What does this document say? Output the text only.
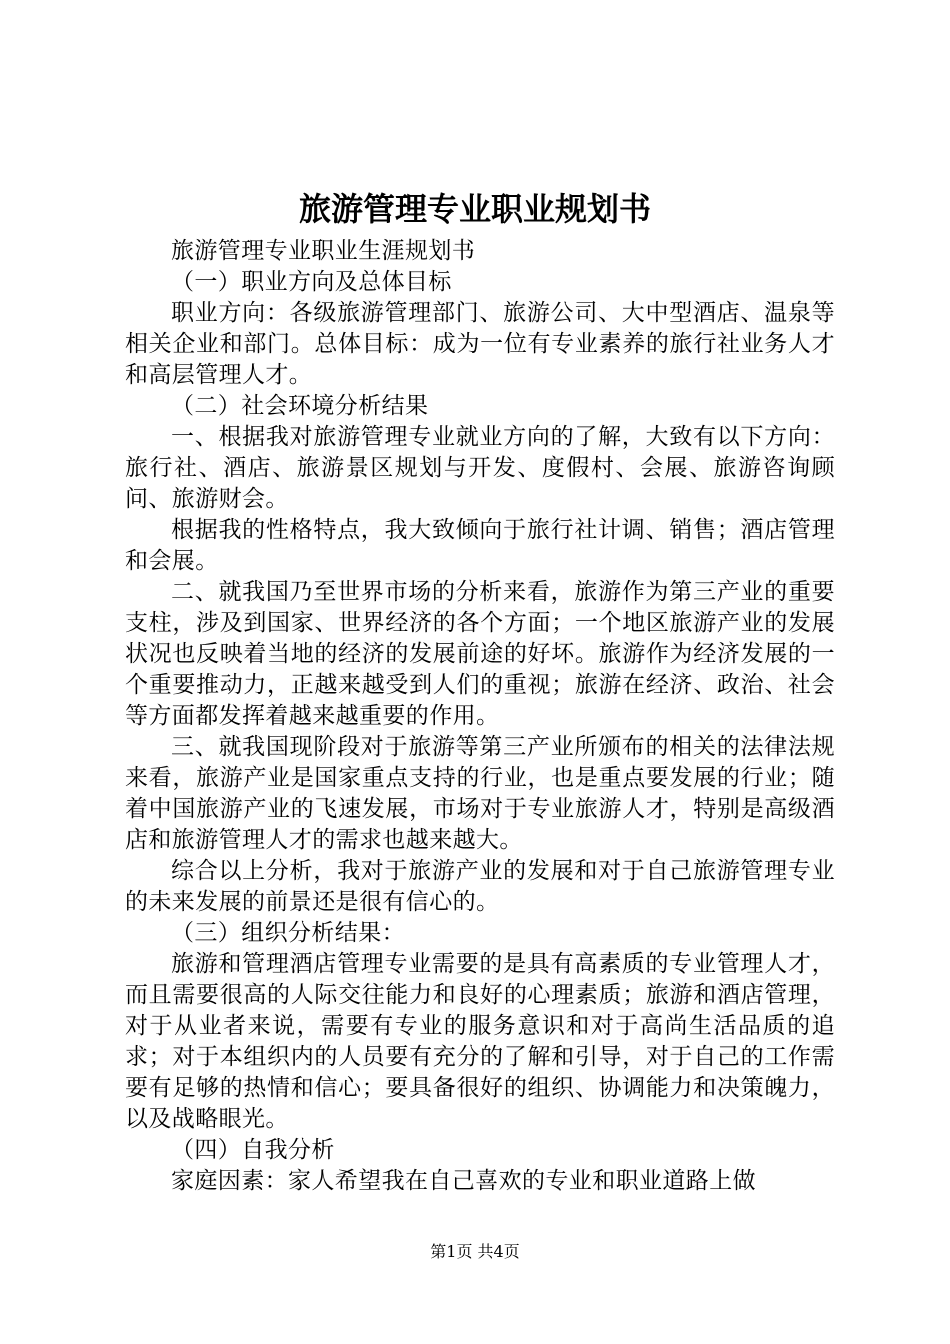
旅游管理专业职业规划书

旅游管理专业职业生涯规划书

（一）职业方向及总体目标

职业方向：各级旅游管理部门、旅游公司、大中型酒店、温泉等相关企业和部门。总体目标：成为一位有专业素养的旅行社业务人才和高层管理人才。

（二）社会环境分析结果

一、根据我对旅游管理专业就业方向的了解，大致有以下方向：旅行社、酒店、旅游景区规划与开发、度假村、会展、旅游咨询顾问、旅游财会。

根据我的性格特点，我大致倾向于旅行社计调、销售；酒店管理和会展。

二、就我国乃至世界市场的分析来看，旅游作为第三产业的重要支柱，涉及到国家、世界经济的各个方面；一个地区旅游产业的发展状况也反映着当地的经济的发展前途的好坏。旅游作为经济发展的一个重要推动力，正越来越受到人们的重视；旅游在经济、政治、社会等方面都发挥着越来越重要的作用。

三、就我国现阶段对于旅游等第三产业所颁布的相关的法律法规来看，旅游产业是国家重点支持的行业，也是重点要发展的行业；随着中国旅游产业的飞速发展，市场对于专业旅游人才，特别是高级酒店和旅游管理人才的需求也越来越大。

综合以上分析，我对于旅游产业的发展和对于自己旅游管理专业的未来发展的前景还是很有信心的。

（三）组织分析结果：

旅游和管理酒店管理专业需要的是具有高素质的专业管理人才，而且需要很高的人际交往能力和良好的心理素质；旅游和酒店管理，对于从业者来说，需要有专业的服务意识和对于高尚生活品质的追求；对于本组织内的人员要有充分的了解和引导，对于自己的工作需要有足够的热情和信心；要具备很好的组织、协调能力和决策魄力，以及战略眼光。

（四）自我分析

家庭因素：家人希望我在自己喜欢的专业和职业道路上做

第1页 共4页
